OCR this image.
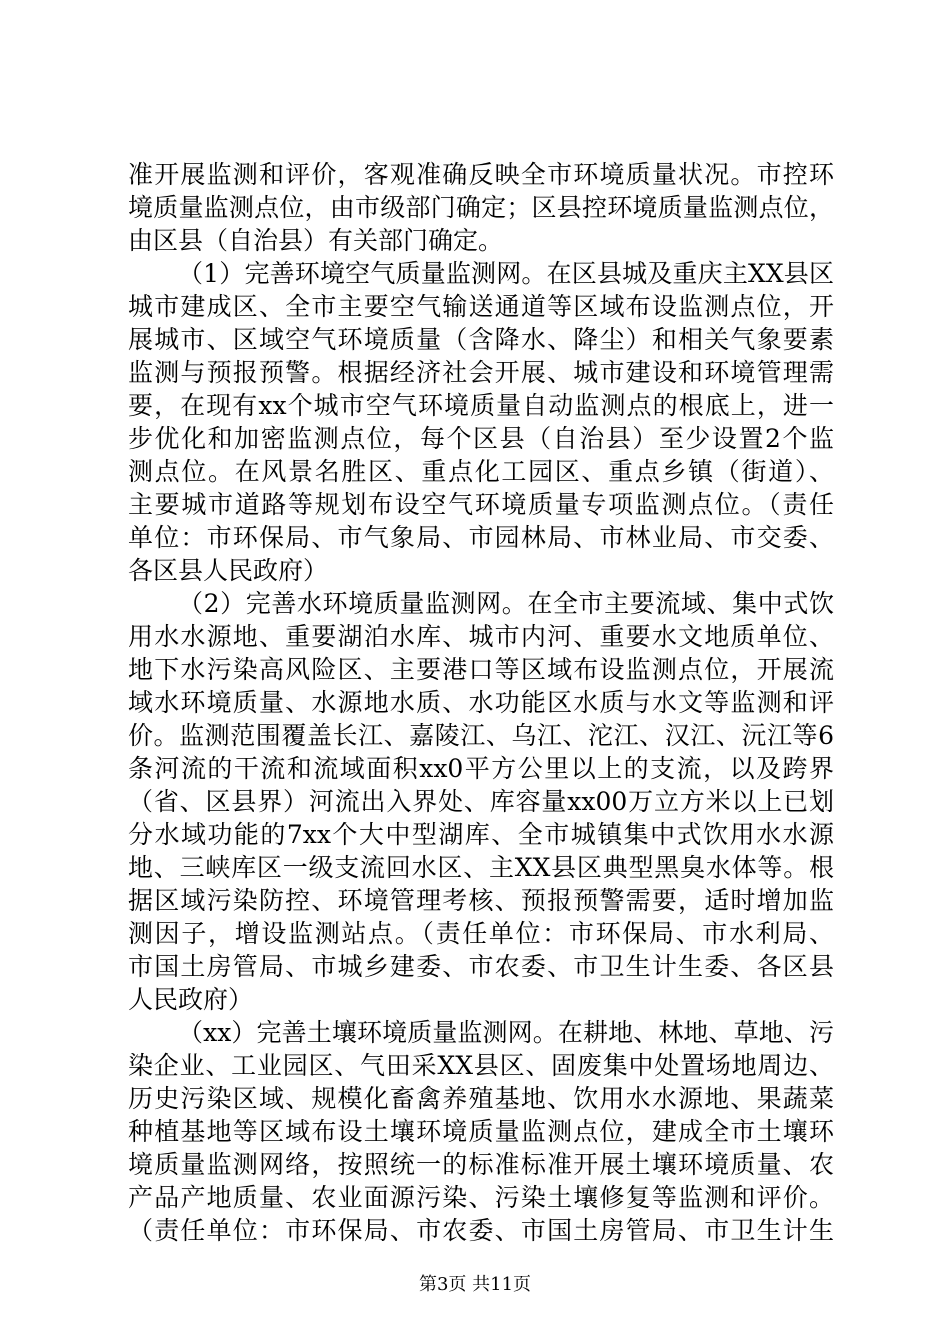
准开展监测和评价，客观准确反映全市环境质量状况。市控环
境质量监测点位，由市级部门确定；区县控环境质量监测点位，
由区县（自治县）有关部门确定。
（1）完善环境空气质量监测网。在区县城及重庆主XX县区
城市建成区、全市主要空气输送通道等区域布设监测点位，开
展城市、区域空气环境质量（含降水、降尘）和相关气象要素
监测与预报预警。根据经济社会开展、城市建设和环境管理需
要，在现有xx个城市空气环境质量自动监测点的根底上，进一
步优化和加密监测点位，每个区县（自治县）至少设置2个监
测点位。在风景名胜区、重点化工园区、重点乡镇（街道）、
主要城市道路等规划布设空气环境质量专项监测点位。（责任
单位：市环保局、市气象局、市园林局、市林业局、市交委、
各区县人民政府）
（2）完善水环境质量监测网。在全市主要流域、集中式饮
用水水源地、重要湖泊水库、城市内河、重要水文地质单位、
地下水污染高风险区、主要港口等区域布设监测点位，开展流
域水环境质量、水源地水质、水功能区水质与水文等监测和评
价。监测范围覆盖长江、嘉陵江、乌江、沱江、汉江、沅江等6
条河流的干流和流域面积xx0平方公里以上的支流，以及跨界
（省、区县界）河流出入界处、库容量xx00万立方米以上已划
分水域功能的7xx个大中型湖库、全市城镇集中式饮用水水源
地、三峡库区一级支流回水区、主XX县区典型黑臭水体等。根
据区域污染防控、环境管理考核、预报预警需要，适时增加监
测因子，增设监测站点。（责任单位：市环保局、市水利局、
市国土房管局、市城乡建委、市农委、市卫生计生委、各区县
人民政府）
（xx）完善土壤环境质量监测网。在耕地、林地、草地、污
染企业、工业园区、气田采XX县区、固废集中处置场地周边、
历史污染区域、规模化畜禽养殖基地、饮用水水源地、果蔬菜
种植基地等区域布设土壤环境质量监测点位，建成全市土壤环
境质量监测网络，按照统一的标准标准开展土壤环境质量、农
产品产地质量、农业面源污染、污染土壤修复等监测和评价。
（责任单位：市环保局、市农委、市国土房管局、市卫生计生
第3页 共11页
